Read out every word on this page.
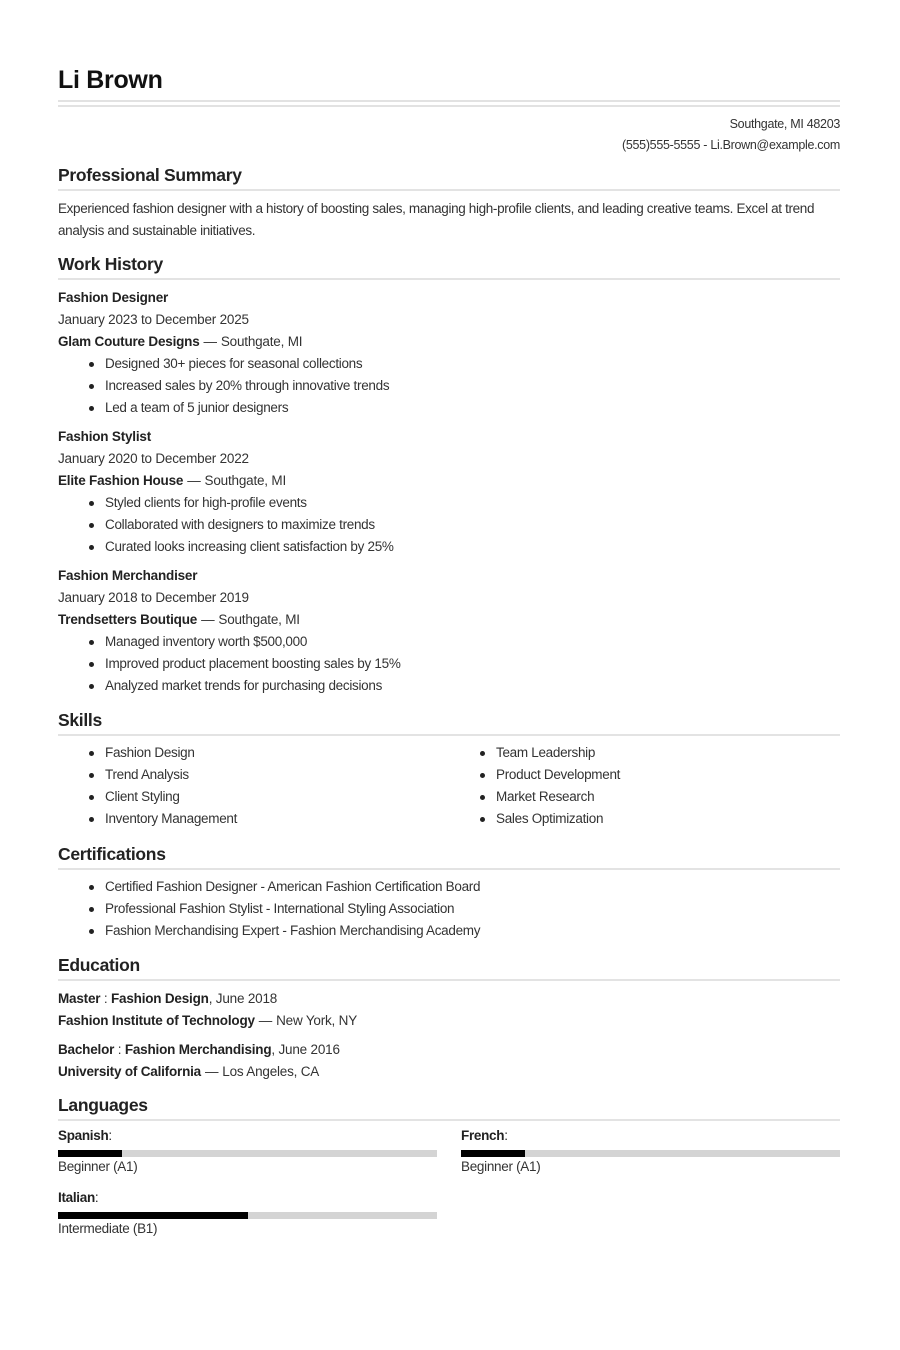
Li Brown
Southgate, MI 48203
(555)555-5555 - Li.Brown@example.com
Professional Summary
Experienced fashion designer with a history of boosting sales, managing high-profile clients, and leading creative teams. Excel at trend analysis and sustainable initiatives.
Work History
Fashion Designer
January 2023 to December 2025
Glam Couture Designs — Southgate, MI
Designed 30+ pieces for seasonal collections
Increased sales by 20% through innovative trends
Led a team of 5 junior designers
Fashion Stylist
January 2020 to December 2022
Elite Fashion House — Southgate, MI
Styled clients for high-profile events
Collaborated with designers to maximize trends
Curated looks increasing client satisfaction by 25%
Fashion Merchandiser
January 2018 to December 2019
Trendsetters Boutique — Southgate, MI
Managed inventory worth $500,000
Improved product placement boosting sales by 15%
Analyzed market trends for purchasing decisions
Skills
Fashion Design
Trend Analysis
Client Styling
Inventory Management
Team Leadership
Product Development
Market Research
Sales Optimization
Certifications
Certified Fashion Designer - American Fashion Certification Board
Professional Fashion Stylist - International Styling Association
Fashion Merchandising Expert - Fashion Merchandising Academy
Education
Master : Fashion Design, June 2018
Fashion Institute of Technology — New York, NY
Bachelor : Fashion Merchandising, June 2016
University of California — Los Angeles, CA
Languages
Spanish:
Beginner (A1)
French:
Beginner (A1)
Italian:
Intermediate (B1)
